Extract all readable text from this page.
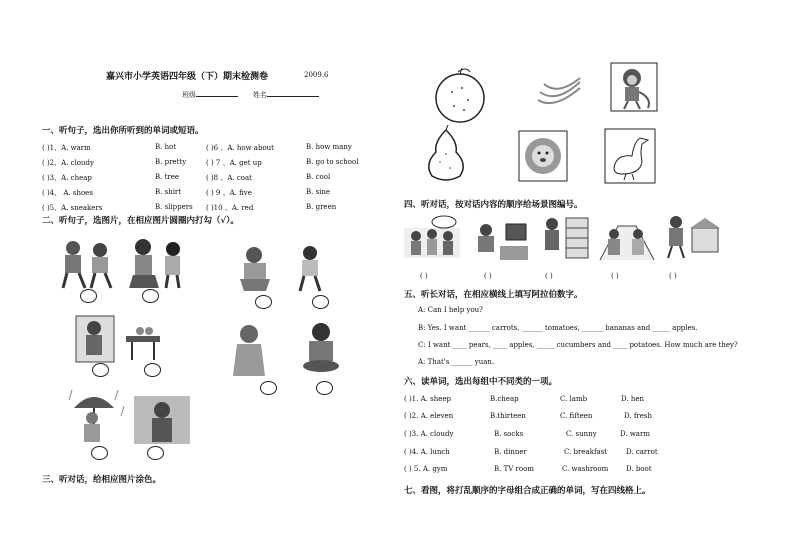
嘉兴市小学英语四年级（下）期末检测卷	2009.6
班级	姓名
一、听句子，选出你所听到的单词或短语。
( )1、A. warm	B. hot	( )6 、A. how about	B. how many
( )2、A. cloudy	B. pretty	( ) 7 、A. get up	B. go to school
( )3、A. cheap	B. tree	( )8 、A. coat	B. cool
( )4、 A. shoes	B. shirt	( ) 9 、A. five	B. sine
( )5、A. sneakers	B. slippers ( )10 、A. red	B. green
二、听句子，选图片，在相应图片圆圈内打勾（√）。
三、听对话，给相应图片涂色。
四、听对话，按对话内容的顺序给场景图编号。
( )	( )	( )	( )	( )
五、听长对话，在相应横线上填写阿拉伯数字。
A: Can I help you?
B: Yes. I want ______ carrots, ______ tomatoes, ______ bananas and _____ apples.
C: I want ____ pears, ____ apples, _____ cucumbers and ____ potatoes. How much are they?
A: That's ______ yuan.
六、读单词，选出每组中不同类的一项。
( )1. A. sheep	B.cheap	C. lamb	D. hen
( )2. A. eleven	B.thirteen	C. fifteen	D. fresh
( )3. A. cloudy	B. socks	C. sunny	D. warm
( )4. A. lunch	B. dinner	C. breakfast	D. carrot
( ) 5. A. gym	B. TV room	C. washroom	D. boot
七、看图，将打乱顺序的字母组合成正确的单词，写在四线格上。
